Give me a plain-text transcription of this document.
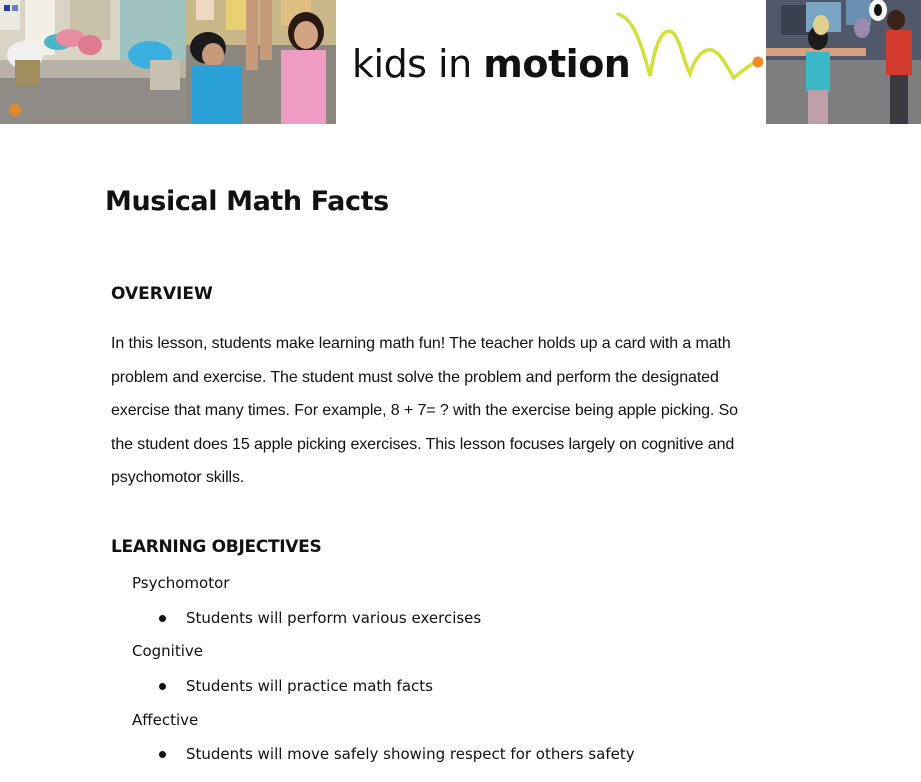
kids in motion
Musical Math Facts
OVERVIEW
In this lesson, students make learning math fun! The teacher holds up a card with a math
problem and exercise. The student must solve the problem and perform the designated
exercise that many times. For example, 8 + 7= ? with the exercise being apple picking. So
the student does 15 apple picking exercises. This lesson focuses largely on cognitive and
psychomotor skills.
LEARNING OBJECTIVES
Psychomotor
Students will perform various exercises
Cognitive
Students will practice math facts
Affective
Students will move safely showing respect for others safety
